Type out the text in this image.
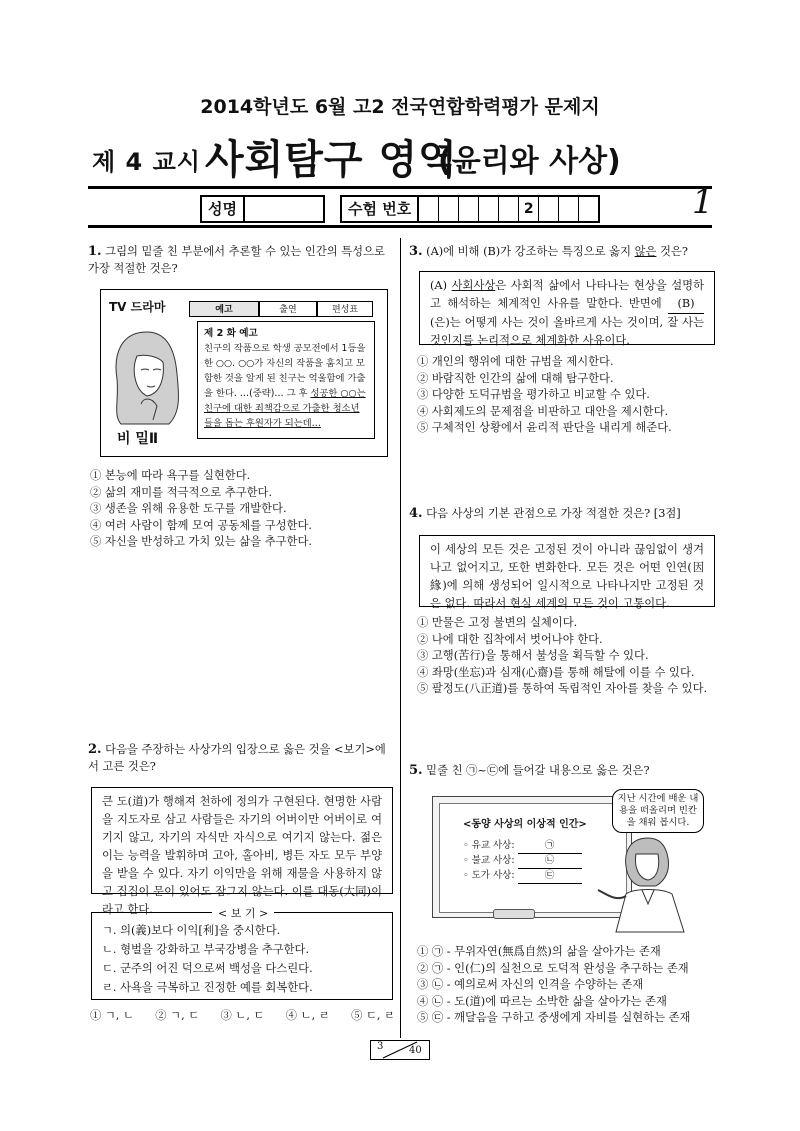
2014학년도 6월 고2 전국연합학력평가 문제지
제 4 교시 사회탐구 영역
(윤리와 사상)
성명	수험 번호	2	1
1. 그림의 밑줄 친 부분에서 추론할 수 있는 인간의 특성으로 가장 적절한 것은?
TV 드라마
비 밀Ⅱ
예고	출연	편성표
제 2 화 예고
친구의 작품으로 학생 공모전에서 1등을 한 ○○. ○○가 자신의 작품을 훔치고 모함한 것을 알게 된 친구는 억울함에 가출을 한다. …(중략)… 그 후 성공한 ○○는 친구에 대한 죄책감으로 가출한 청소년들을 돕는 후원자가 되는데…
① 본능에 따라 욕구를 실현한다.
② 삶의 재미를 적극적으로 추구한다.
③ 생존을 위해 유용한 도구를 개발한다.
④ 여러 사람이 함께 모여 공동체를 구성한다.
⑤ 자신을 반성하고 가치 있는 삶을 추구한다.
2. 다음을 주장하는 사상가의 입장으로 옳은 것을 <보기>에서 고른 것은?
큰 도(道)가 행해져 천하에 정의가 구현된다. 현명한 사람을 지도자로 삼고 사람들은 자기의 어버이만 어버이로 여기지 않고, 자기의 자식만 자식으로 여기지 않는다. 젊은이는 능력을 발휘하며 고아, 홀아비, 병든 자도 모두 부양을 받을 수 있다. 자기 이익만을 위해 재물을 사용하지 않고 집집이 문이 있어도 잠그지 않는다. 이를 대동(大同)이라고 한다.
ㄱ. 의(義)보다 이익[利]을 중시한다.
ㄴ. 형벌을 강화하고 부국강병을 추구한다.
ㄷ. 군주의 어진 덕으로써 백성을 다스린다.
ㄹ. 사욕을 극복하고 진정한 예를 회복한다.
< 보 기 >
① ㄱ, ㄴ ② ㄱ, ㄷ ③ ㄴ, ㄷ ④ ㄴ, ㄹ ⑤ ㄷ, ㄹ
3. (A)에 비해 (B)가 강조하는 특징으로 옳지 않은 것은?
(A) 사회사상은 사회적 삶에서 나타나는 현상을 설명하고 해석하는 체계적인 사유를 말한다. 반면에 (B) (은)는 어떻게 사는 것이 올바르게 사는 것이며, 잘 사는 것인지를 논리적으로 체계화한 사유이다.
① 개인의 행위에 대한 규범을 제시한다.
② 바람직한 인간의 삶에 대해 탐구한다.
③ 다양한 도덕규범을 평가하고 비교할 수 있다.
④ 사회제도의 문제점을 비판하고 대안을 제시한다.
⑤ 구체적인 상황에서 윤리적 판단을 내리게 해준다.
4. 다음 사상의 기본 관점으로 가장 적절한 것은? [3점]
이 세상의 모든 것은 고정된 것이 아니라 끊임없이 생겨나고 없어지고, 또한 변화한다. 모든 것은 어떤 인연(因緣)에 의해 생성되어 일시적으로 나타나지만 고정된 것은 없다. 따라서 현실 세계의 모든 것이 고통이다.
① 만물은 고정 불변의 실체이다.
② 나에 대한 집착에서 벗어나야 한다.
③ 고행(苦行)을 통해서 불성을 획득할 수 있다.
④ 좌망(坐忘)과 심재(心齋)를 통해 해탈에 이를 수 있다.
⑤ 팔정도(八正道)를 통하여 독립적인 자아를 찾을 수 있다.
5. 밑줄 친 ㉠~㉢에 들어갈 내용으로 옳은 것은?
<동양 사상의 이상적 인간>
◦ 유교 사상:	㉠
◦ 불교 사상:	㉡
◦ 도가 사상:	㉢
지난 시간에 배운 내용을 떠올리며 빈칸을 채워 봅시다.
① ㉠ - 무위자연(無爲自然)의 삶을 살아가는 존재
② ㉠ - 인(仁)의 실천으로 도덕적 완성을 추구하는 존재
③ ㉡ - 예의로써 자신의 인격을 수양하는 존재
④ ㉡ - 도(道)에 따르는 소박한 삶을 살아가는 존재
⑤ ㉢ - 깨달음을 구하고 중생에게 자비를 실현하는 존재
3	40
